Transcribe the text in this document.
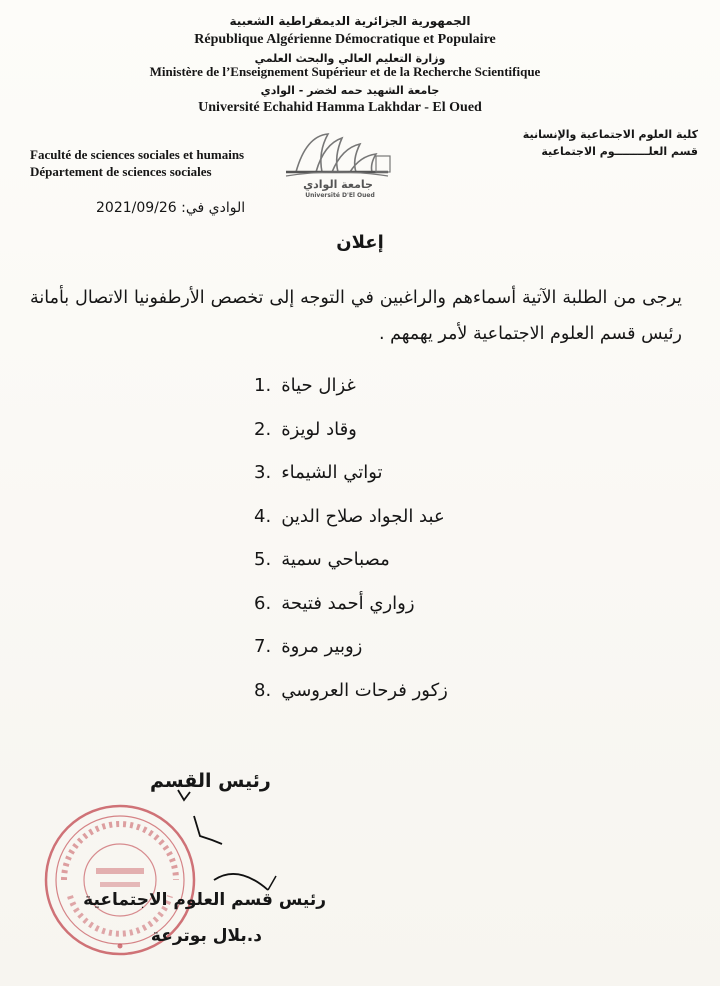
الجمهورية الجزائرية الديمقراطية الشعبية
République Algérienne Démocratique et Populaire
وزارة التعليم العالي والبحث العلمي
Ministère de l’Enseignement Supérieur et de la Recherche Scientifique
جامعة الشهيد حمه لخضر - الوادي
Université Echahid Hamma Lakhdar - El Oued
كلية العلوم الاجتماعية والإنسانية
قسم العلـــــــــوم الاجتماعية
Faculté de sciences sociales et humains
Département de sciences sociales
جامعة الوادي
Université D'El Oued
الوادي في: 2021/09/26
إعلان
يرجى من الطلبة الآتية أسماءهم والراغبين في التوجه إلى تخصص الأرطفونيا الاتصال بأمانة رئيس قسم العلوم الاجتماعية لأمر يهمهم .
1. غزال حياة
2. وقاد لويزة
3. تواتي الشيماء
4. عبد الجواد صلاح الدين
5. مصباحي سمية
6. زواري أحمد فتيحة
7. زوبير مروة
8. زكور فرحات العروسي
رئيس القسم
رئيس قسم العلوم الاجتماعية
د.بلال بوترعة
